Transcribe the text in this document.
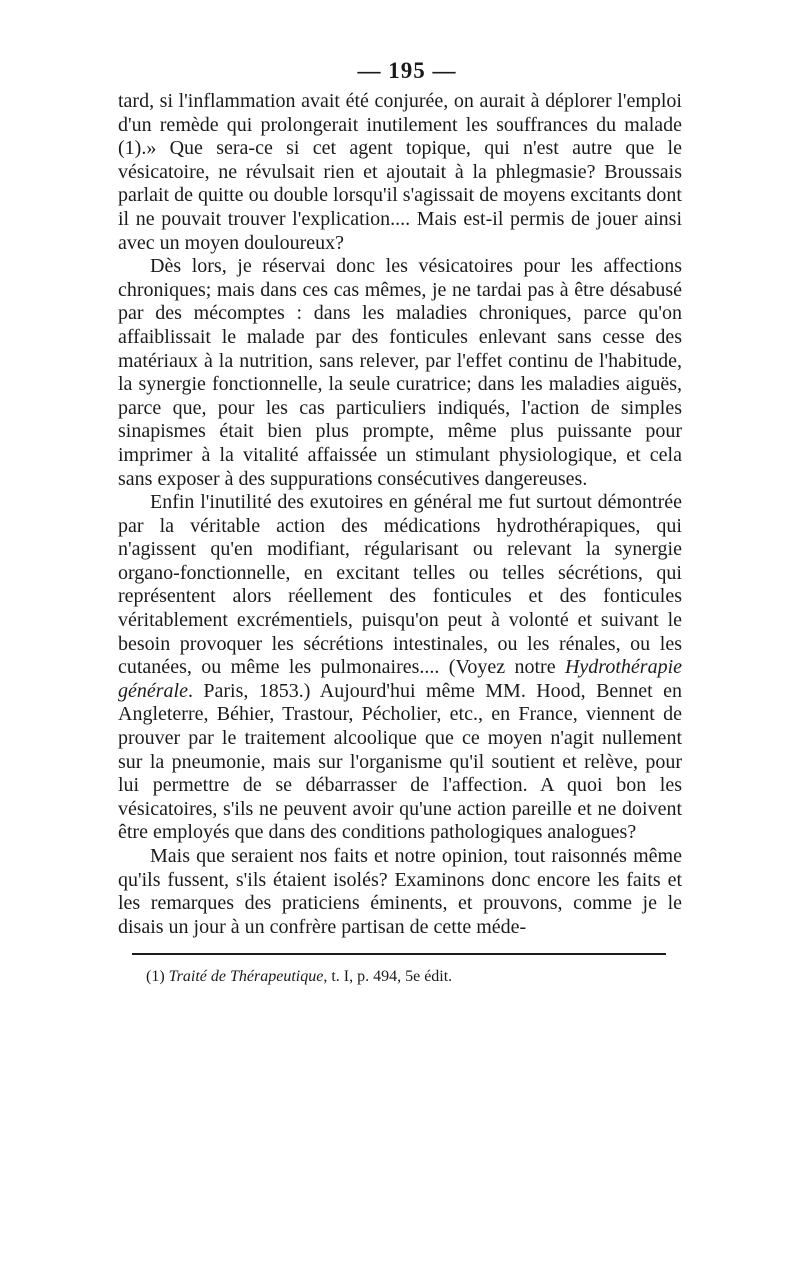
— 195 —

tard, si l'inflammation avait été conjurée, on aurait à déplorer l'emploi d'un remède qui prolongerait inutilement les souffrances du malade (1).» Que sera-ce si cet agent topique, qui n'est autre que le vésicatoire, ne révulsait rien et ajoutait à la phlegmasie? Broussais parlait de quitte ou double lorsqu'il s'agissait de moyens excitants dont il ne pouvait trouver l'explication.... Mais est-il permis de jouer ainsi avec un moyen douloureux?

Dès lors, je réservai donc les vésicatoires pour les affections chroniques; mais dans ces cas mêmes, je ne tardai pas à être désabusé par des mécomptes : dans les maladies chroniques, parce qu'on affaiblissait le malade par des fonticules enlevant sans cesse des matériaux à la nutrition, sans relever, par l'effet continu de l'habitude, la synergie fonctionnelle, la seule curatrice; dans les maladies aiguës, parce que, pour les cas particuliers indiqués, l'action de simples sinapismes était bien plus prompte, même plus puissante pour imprimer à la vitalité affaissée un stimulant physiologique, et cela sans exposer à des suppurations consécutives dangereuses.

Enfin l'inutilité des exutoires en général me fut surtout démontrée par la véritable action des médications hydrothérapiques, qui n'agissent qu'en modifiant, régularisant ou relevant la synergie organo-fonctionnelle, en excitant telles ou telles sécrétions, qui représentent alors réellement des fonticules et des fonticules véritablement excrémentiels, puisqu'on peut à volonté et suivant le besoin provoquer les sécrétions intestinales, ou les rénales, ou les cutanées, ou même les pulmonaires.... (Voyez notre Hydrothérapie générale. Paris, 1853.) Aujourd'hui même MM. Hood, Bennet en Angleterre, Béhier, Trastour, Pécholier, etc., en France, viennent de prouver par le traitement alcoolique que ce moyen n'agit nullement sur la pneumonie, mais sur l'organisme qu'il soutient et relève, pour lui permettre de se débarrasser de l'affection. A quoi bon les vésicatoires, s'ils ne peuvent avoir qu'une action pareille et ne doivent être employés que dans des conditions pathologiques analogues?

Mais que seraient nos faits et notre opinion, tout raisonnés même qu'ils fussent, s'ils étaient isolés? Examinons donc encore les faits et les remarques des praticiens éminents, et prouvons, comme je le disais un jour à un confrère partisan de cette méde-

(1) Traité de Thérapeutique, t. I, p. 494, 5e édit.
